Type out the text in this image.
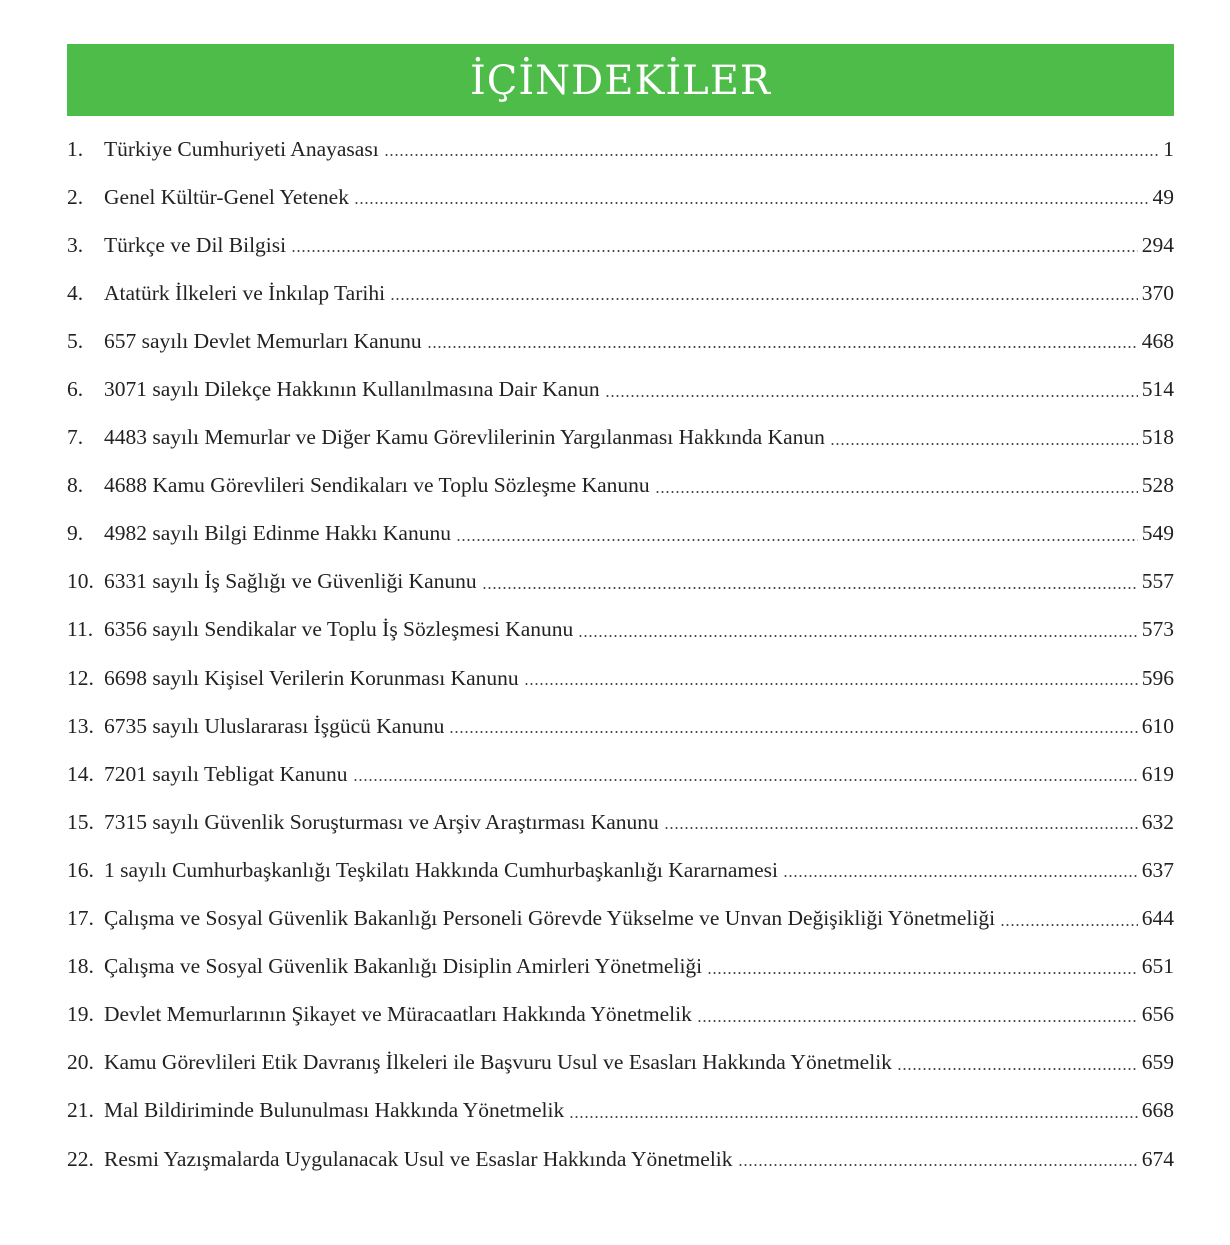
İÇİNDEKİLER
1. Türkiye Cumhuriyeti Anayasası	1
2. Genel Kültür-Genel Yetenek	49
3. Türkçe ve Dil Bilgisi	294
4. Atatürk İlkeleri ve İnkılap Tarihi	370
5. 657 sayılı Devlet Memurları Kanunu	468
6. 3071 sayılı Dilekçe Hakkının Kullanılmasına Dair Kanun	514
7. 4483 sayılı Memurlar ve Diğer Kamu Görevlilerinin Yargılanması Hakkında Kanun	518
8. 4688 Kamu Görevlileri Sendikaları ve Toplu Sözleşme Kanunu	528
9. 4982 sayılı Bilgi Edinme Hakkı Kanunu	549
10. 6331 sayılı İş Sağlığı ve Güvenliği Kanunu	557
11. 6356 sayılı Sendikalar ve Toplu İş Sözleşmesi Kanunu	573
12. 6698 sayılı Kişisel Verilerin Korunması Kanunu	596
13. 6735 sayılı Uluslararası İşgücü Kanunu	610
14. 7201 sayılı Tebligat Kanunu	619
15. 7315 sayılı Güvenlik Soruşturması ve Arşiv Araştırması Kanunu	632
16. 1 sayılı Cumhurbaşkanlığı Teşkilatı Hakkında Cumhurbaşkanlığı Kararnamesi	637
17. Çalışma ve Sosyal Güvenlik Bakanlığı Personeli Görevde Yükselme ve Unvan Değişikliği Yönetmeliği	644
18. Çalışma ve Sosyal Güvenlik Bakanlığı Disiplin Amirleri Yönetmeliği	651
19. Devlet Memurlarının Şikayet ve Müracaatları Hakkında Yönetmelik	656
20. Kamu Görevlileri Etik Davranış İlkeleri ile Başvuru Usul ve Esasları Hakkında Yönetmelik	659
21. Mal Bildiriminde Bulunulması Hakkında Yönetmelik	668
22. Resmi Yazışmalarda Uygulanacak Usul ve Esaslar Hakkında Yönetmelik	674
